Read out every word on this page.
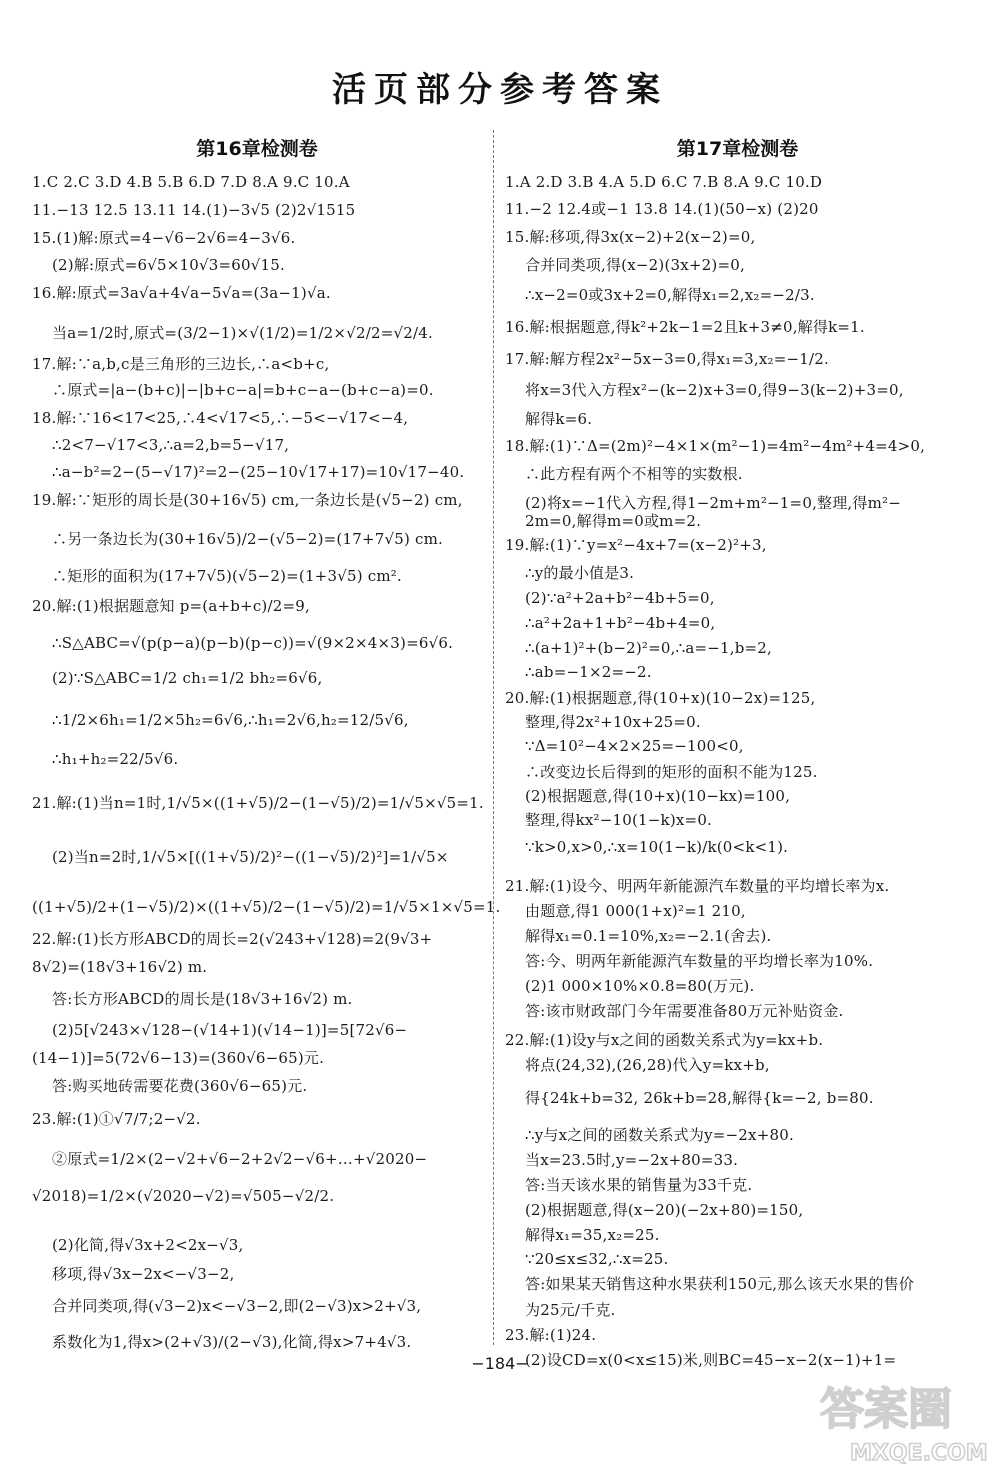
活页部分参考答案
第16章检测卷
1.C 2.C 3.D 4.B 5.B 6.D 7.D 8.A 9.C 10.A
11.−13 12.5 13.11 14.(1)−3√5 (2)2√1515
15.(1)解:原式=4−√6−2√6=4−3√6.
(2)解:原式=6√5×10√3=60√15.
16.解:原式=3a√a+4√a−5√a=(3a−1)√a.
当a=1/2时,原式=(3/2−1)×√(1/2)=1/2×√2/2=√2/4.
17.解:∵a,b,c是三角形的三边长,∴a<b+c,
∴原式=|a−(b+c)|−|b+c−a|=b+c−a−(b+c−a)=0.
18.解:∵16<17<25,∴4<√17<5,∴−5<−√17<−4,
∴2<7−√17<3,∴a=2,b=5−√17,
∴a−b²=2−(5−√17)²=2−(25−10√17+17)=10√17−40.
19.解:∵矩形的周长是(30+16√5) cm,一条边长是(√5−2) cm,
∴另一条边长为(30+16√5)/2−(√5−2)=(17+7√5) cm.
∴矩形的面积为(17+7√5)(√5−2)=(1+3√5) cm².
20.解:(1)根据题意知 p=(a+b+c)/2=9,
∴S△ABC=√(p(p−a)(p−b)(p−c))=√(9×2×4×3)=6√6.
(2)∵S△ABC=1/2 ch₁=1/2 bh₂=6√6,
∴1/2×6h₁=1/2×5h₂=6√6,∴h₁=2√6,h₂=12/5√6,
∴h₁+h₂=22/5√6.
21.解:(1)当n=1时,1/√5×((1+√5)/2−(1−√5)/2)=1/√5×√5=1.
(2)当n=2时,1/√5×[((1+√5)/2)²−((1−√5)/2)²]=1/√5×
((1+√5)/2+(1−√5)/2)×((1+√5)/2−(1−√5)/2)=1/√5×1×√5=1.
22.解:(1)长方形ABCD的周长=2(√243+√128)=2(9√3+
8√2)=(18√3+16√2) m.
答:长方形ABCD的周长是(18√3+16√2) m.
(2)5[√243×√128−(√14+1)(√14−1)]=5[72√6−
(14−1)]=5(72√6−13)=(360√6−65)元.
答:购买地砖需要花费(360√6−65)元.
23.解:(1)①√7/7;2−√2.
②原式=1/2×(2−√2+√6−2+2√2−√6+…+√2020−
√2018)=1/2×(√2020−√2)=√505−√2/2.
(2)化简,得√3x+2<2x−√3,
移项,得√3x−2x<−√3−2,
合并同类项,得(√3−2)x<−√3−2,即(2−√3)x>2+√3,
系数化为1,得x>(2+√3)/(2−√3),化简,得x>7+4√3.
第17章检测卷
1.A 2.D 3.B 4.A 5.D 6.C 7.B 8.A 9.C 10.D
11.−2 12.4或−1 13.8 14.(1)(50−x) (2)20
15.解:移项,得3x(x−2)+2(x−2)=0,
合并同类项,得(x−2)(3x+2)=0,
∴x−2=0或3x+2=0,解得x₁=2,x₂=−2/3.
16.解:根据题意,得k²+2k−1=2且k+3≠0,解得k=1.
17.解:解方程2x²−5x−3=0,得x₁=3,x₂=−1/2.
将x=3代入方程x²−(k−2)x+3=0,得9−3(k−2)+3=0,
解得k=6.
18.解:(1)∵Δ=(2m)²−4×1×(m²−1)=4m²−4m²+4=4>0,
∴此方程有两个不相等的实数根.
(2)将x=−1代入方程,得1−2m+m²−1=0,整理,得m²−
2m=0,解得m=0或m=2.
19.解:(1)∵y=x²−4x+7=(x−2)²+3,
∴y的最小值是3.
(2)∵a²+2a+b²−4b+5=0,
∴a²+2a+1+b²−4b+4=0,
∴(a+1)²+(b−2)²=0,∴a=−1,b=2,
∴ab=−1×2=−2.
20.解:(1)根据题意,得(10+x)(10−2x)=125,
整理,得2x²+10x+25=0.
∵Δ=10²−4×2×25=−100<0,
∴改变边长后得到的矩形的面积不能为125.
(2)根据题意,得(10+x)(10−kx)=100,
整理,得kx²−10(1−k)x=0.
∵k>0,x>0,∴x=10(1−k)/k(0<k<1).
21.解:(1)设今、明两年新能源汽车数量的平均增长率为x.
由题意,得1 000(1+x)²=1 210,
解得x₁=0.1=10%,x₂=−2.1(舍去).
答:今、明两年新能源汽车数量的平均增长率为10%.
(2)1 000×10%×0.8=80(万元).
答:该市财政部门今年需要准备80万元补贴资金.
22.解:(1)设y与x之间的函数关系式为y=kx+b.
将点(24,32),(26,28)代入y=kx+b,
得{24k+b=32, 26k+b=28,解得{k=−2, b=80.
∴y与x之间的函数关系式为y=−2x+80.
当x=23.5时,y=−2x+80=33.
答:当天该水果的销售量为33千克.
(2)根据题意,得(x−20)(−2x+80)=150,
解得x₁=35,x₂=25.
∵20≤x≤32,∴x=25.
答:如果某天销售这种水果获利150元,那么该天水果的售价
为25元/千克.
23.解:(1)24.
(2)设CD=x(0<x≤15)米,则BC=45−x−2(x−1)+1=
−184−
答案圈
MXQE.COM
